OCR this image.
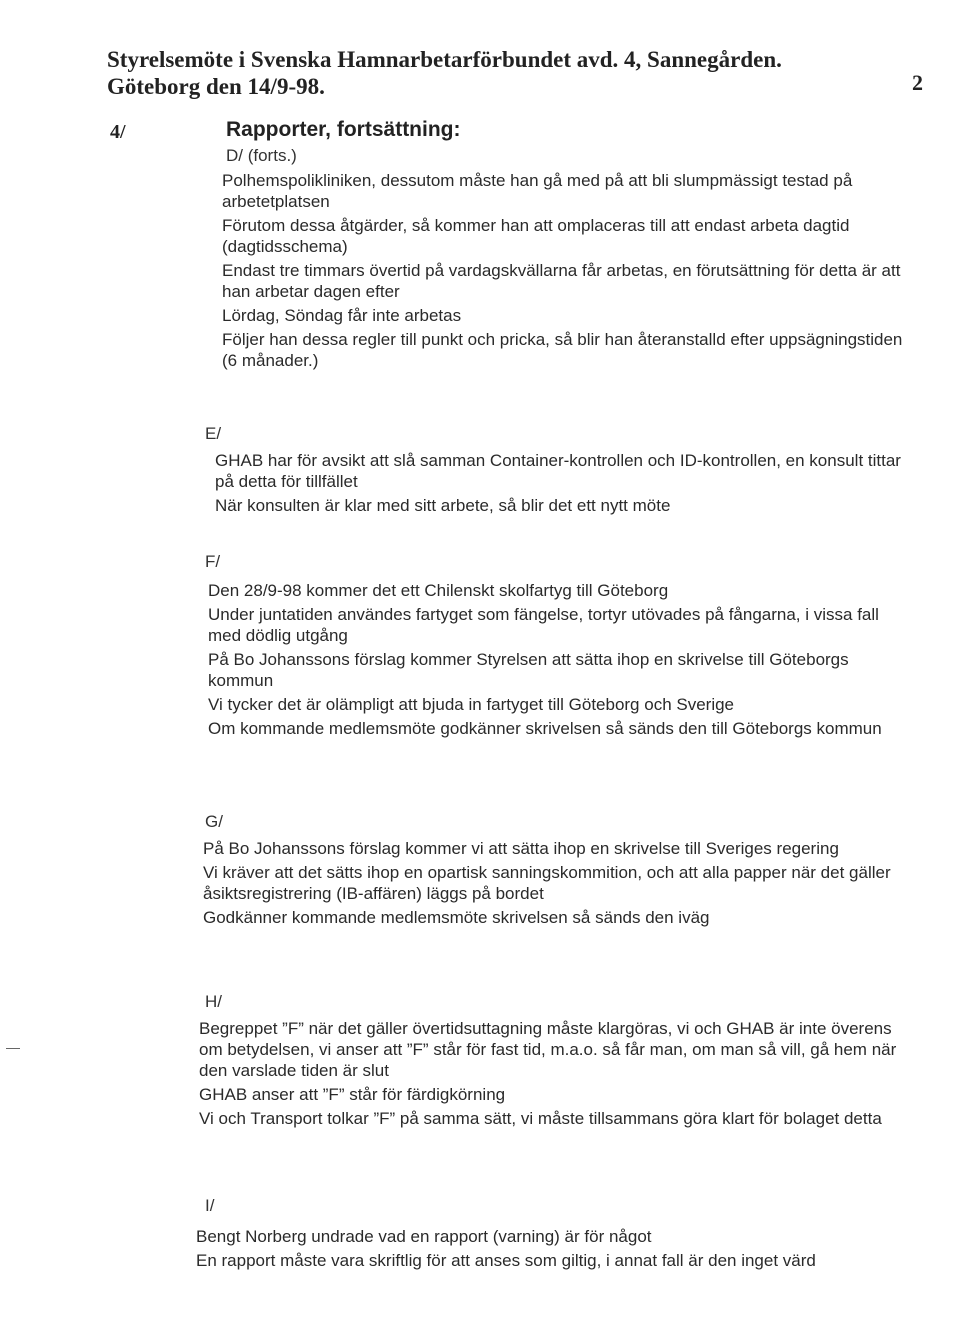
Styrelsemöte i Svenska Hamnarbetarförbundet avd. 4, Sannegården.
Göteborg den 14/9-98.	2
4/	Rapporter, fortsättning:
D/ (forts.)

Polhemspolikliniken, dessutom måste han gå med på att bli slumpmässigt testad på arbetetplatsen

Förutom dessa åtgärder, så kommer han att omplaceras till att endast arbeta dagtid (dagtidsschema)

Endast tre timmars övertid på vardagskvällarna får arbetas, en förutsättning för detta är att han arbetar dagen efter

Lördag, Söndag får inte arbetas

Följer han dessa regler till punkt och pricka, så blir han återanstalld efter uppsägningstiden (6 månader.)

E/

GHAB har för avsikt att slå samman Container-kontrollen och ID-kontrollen, en konsult tittar på detta för tillfället

När konsulten är klar med sitt arbete, så blir det ett nytt möte

F/

Den 28/9-98 kommer det ett Chilenskt skolfartyg till Göteborg

Under juntatiden användes fartyget som fängelse, tortyr utövades på fångarna, i vissa fall med dödlig utgång

På Bo Johanssons förslag kommer Styrelsen att sätta ihop en skrivelse till Göteborgs kommun

Vi tycker det är olämpligt att bjuda in fartyget till Göteborg och Sverige

Om kommande medlemsmöte godkänner skrivelsen så sänds den till Göteborgs kommun

G/

På Bo Johanssons förslag kommer vi att sätta ihop en skrivelse till Sveriges regering

Vi kräver att det sätts ihop en opartisk sanningskommition, och att alla papper när det gäller åsiktsregistrering (IB-affären) läggs på bordet

Godkänner kommande medlemsmöte skrivelsen så sänds den iväg

H/

Begreppet ”F” när det gäller övertidsuttagning måste klargöras, vi och GHAB är inte överens om betydelsen, vi anser att ”F” står för fast tid, m.a.o. så får man, om man så vill, gå hem när den varslade tiden är slut

GHAB anser att ”F” står för färdigkörning

Vi och Transport tolkar ”F” på samma sätt, vi måste tillsammans göra klart för bolaget detta

I/

Bengt Norberg undrade vad en rapport (varning) är för något

En rapport måste vara skriftlig för att anses som giltig, i annat fall är den inget värd
